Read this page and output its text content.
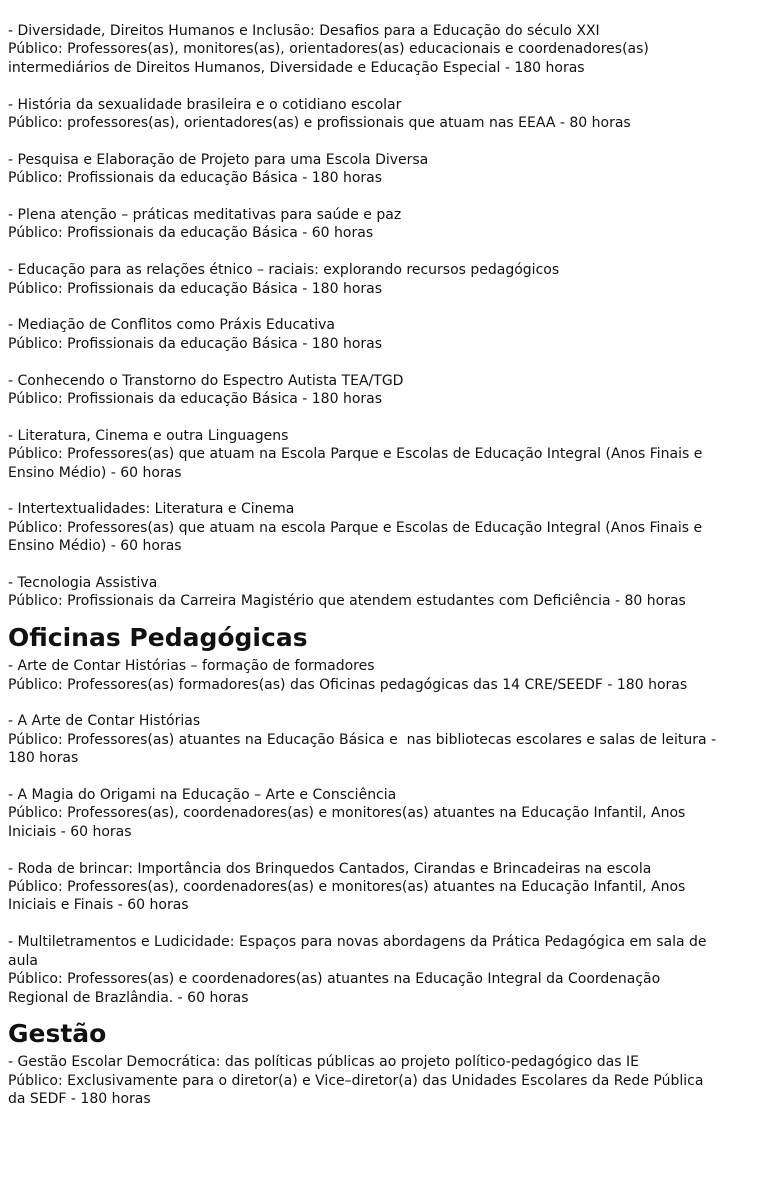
- Diversidade, Direitos Humanos e Inclusão: Desafios para a Educação do século XXI
Público: Professores(as), monitores(as), orientadores(as) educacionais e coordenadores(as)
intermediários de Direitos Humanos, Diversidade e Educação Especial - 180 horas
- História da sexualidade brasileira e o cotidiano escolar
Público: professores(as), orientadores(as) e profissionais que atuam nas EEAA - 80 horas
- Pesquisa e Elaboração de Projeto para uma Escola Diversa
Público: Profissionais da educação Básica - 180 horas
- Plena atenção – práticas meditativas para saúde e paz
Público: Profissionais da educação Básica - 60 horas
- Educação para as relações étnico – raciais: explorando recursos pedagógicos
Público: Profissionais da educação Básica - 180 horas
- Mediação de Conflitos como Práxis Educativa
Público: Profissionais da educação Básica - 180 horas
- Conhecendo o Transtorno do Espectro Autista TEA/TGD
Público: Profissionais da educação Básica - 180 horas
- Literatura, Cinema e outra Linguagens
Público: Professores(as) que atuam na Escola Parque e Escolas de Educação Integral (Anos Finais e
Ensino Médio) - 60 horas
- Intertextualidades: Literatura e Cinema
Público: Professores(as) que atuam na escola Parque e Escolas de Educação Integral (Anos Finais e
Ensino Médio) - 60 horas
- Tecnologia Assistiva
Público: Profissionais da Carreira Magistério que atendem estudantes com Deficiência - 80 horas
Oficinas Pedagógicas
- Arte de Contar Histórias – formação de formadores
Público: Professores(as) formadores(as) das Oficinas pedagógicas das 14 CRE/SEEDF - 180 horas
- A Arte de Contar Histórias
Público: Professores(as) atuantes na Educação Básica e  nas bibliotecas escolares e salas de leitura -
180 horas
- A Magia do Origami na Educação – Arte e Consciência
Público: Professores(as), coordenadores(as) e monitores(as) atuantes na Educação Infantil, Anos
Iniciais - 60 horas
- Roda de brincar: Importância dos Brinquedos Cantados, Cirandas e Brincadeiras na escola
Público: Professores(as), coordenadores(as) e monitores(as) atuantes na Educação Infantil, Anos
Iniciais e Finais - 60 horas
- Multiletramentos e Ludicidade: Espaços para novas abordagens da Prática Pedagógica em sala de
aula
Público: Professores(as) e coordenadores(as) atuantes na Educação Integral da Coordenação
Regional de Brazlândia. - 60 horas
Gestão
- Gestão Escolar Democrática: das políticas públicas ao projeto político-pedagógico das IE
Público: Exclusivamente para o diretor(a) e Vice–diretor(a) das Unidades Escolares da Rede Pública
da SEDF - 180 horas
